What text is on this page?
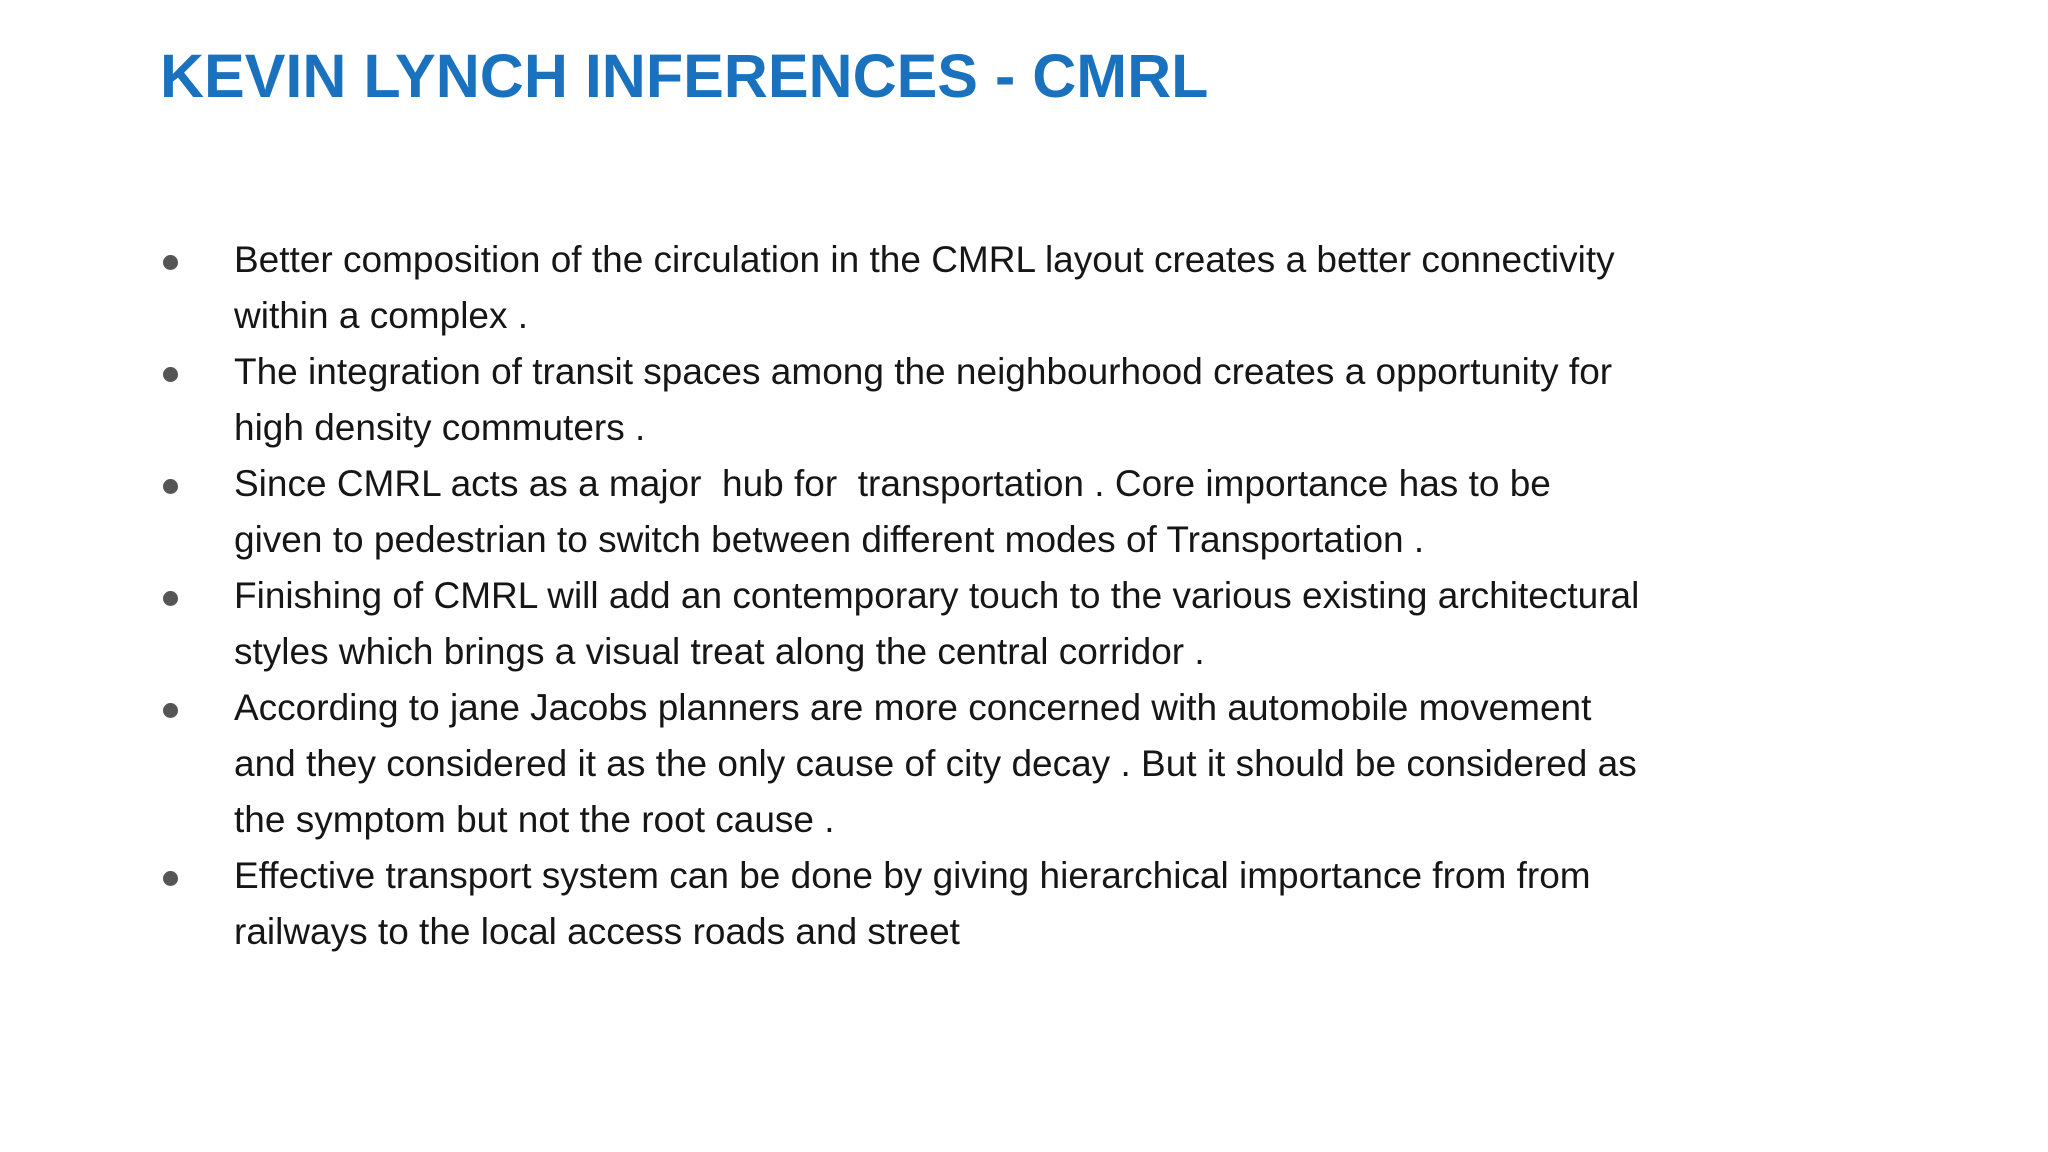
KEVIN LYNCH INFERENCES - CMRL
Better composition of the circulation in the CMRL layout creates a better connectivity
within a complex .
The integration of transit spaces among the neighbourhood creates a opportunity for
high density commuters .
Since CMRL acts as a major  hub for  transportation . Core importance has to be
given to pedestrian to switch between different modes of Transportation .
Finishing of CMRL will add an contemporary touch to the various existing architectural
styles which brings a visual treat along the central corridor .
According to jane Jacobs planners are more concerned with automobile movement
and they considered it as the only cause of city decay . But it should be considered as
the symptom but not the root cause .
Effective transport system can be done by giving hierarchical importance from from
railways to the local access roads and street
